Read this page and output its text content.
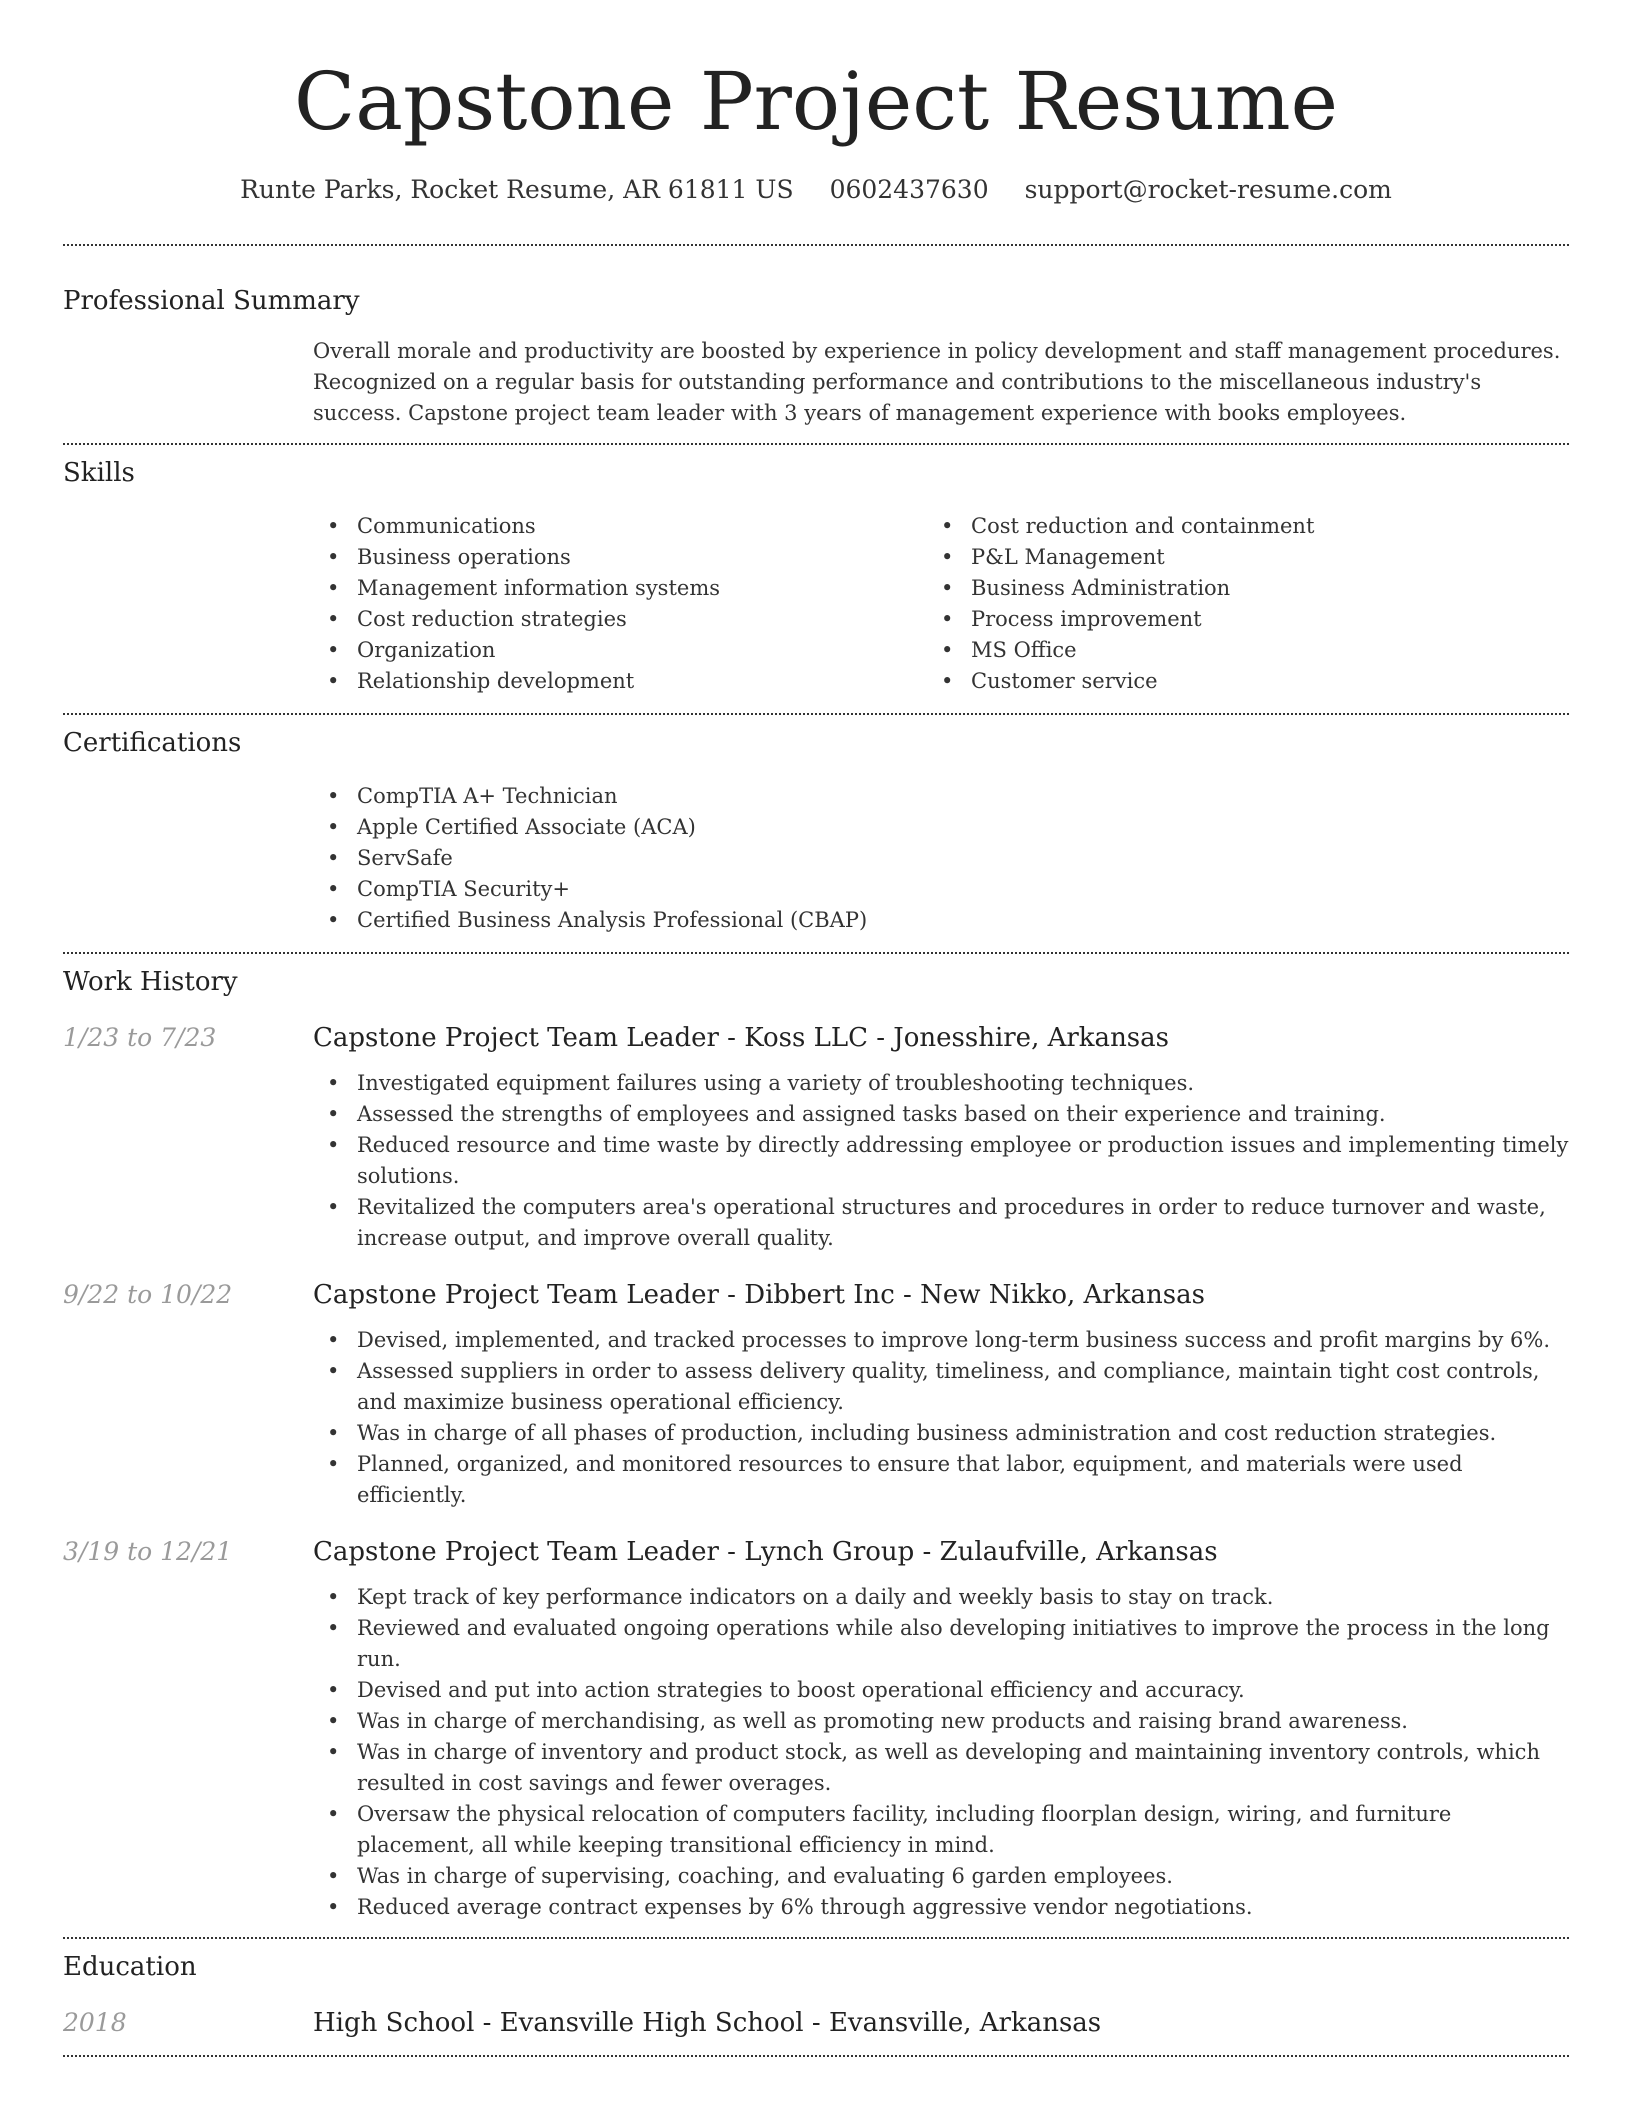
Capstone Project Resume
Runte Parks, Rocket Resume, AR 61811 US 0602437630 support@rocket-resume.com
Professional Summary

Overall morale and productivity are boosted by experience in policy development and staff management procedures. Recognized on a regular basis for outstanding performance and contributions to the miscellaneous industry's success. Capstone project team leader with 3 years of management experience with books employees.

Skills
• Communications
• Business operations
• Management information systems
• Cost reduction strategies
• Organization
• Relationship development
• Cost reduction and containment
• P&L Management
• Business Administration
• Process improvement
• MS Office
• Customer service
Certifications
• CompTIA A+ Technician
• Apple Certified Associate (ACA)
• ServSafe
• CompTIA Security+
• Certified Business Analysis Professional (CBAP)
Work History
1/23 to 7/23	Capstone Project Team Leader - Koss LLC - Jonesshire, Arkansas
• Investigated equipment failures using a variety of troubleshooting techniques.
• Assessed the strengths of employees and assigned tasks based on their experience and training.
• Reduced resource and time waste by directly addressing employee or production issues and implementing timely solutions.
• Revitalized the computers area's operational structures and procedures in order to reduce turnover and waste, increase output, and improve overall quality.
9/22 to 10/22	Capstone Project Team Leader - Dibbert Inc - New Nikko, Arkansas
• Devised, implemented, and tracked processes to improve long-term business success and profit margins by 6%.
• Assessed suppliers in order to assess delivery quality, timeliness, and compliance, maintain tight cost controls, and maximize business operational efficiency.
• Was in charge of all phases of production, including business administration and cost reduction strategies.
• Planned, organized, and monitored resources to ensure that labor, equipment, and materials were used efficiently.
3/19 to 12/21	Capstone Project Team Leader - Lynch Group - Zulaufville, Arkansas
• Kept track of key performance indicators on a daily and weekly basis to stay on track.
• Reviewed and evaluated ongoing operations while also developing initiatives to improve the process in the long run.
• Devised and put into action strategies to boost operational efficiency and accuracy.
• Was in charge of merchandising, as well as promoting new products and raising brand awareness.
• Was in charge of inventory and product stock, as well as developing and maintaining inventory controls, which resulted in cost savings and fewer overages.
• Oversaw the physical relocation of computers facility, including floorplan design, wiring, and furniture placement, all while keeping transitional efficiency in mind.
• Was in charge of supervising, coaching, and evaluating 6 garden employees.
• Reduced average contract expenses by 6% through aggressive vendor negotiations.
Education
2018	High School - Evansville High School - Evansville, Arkansas
